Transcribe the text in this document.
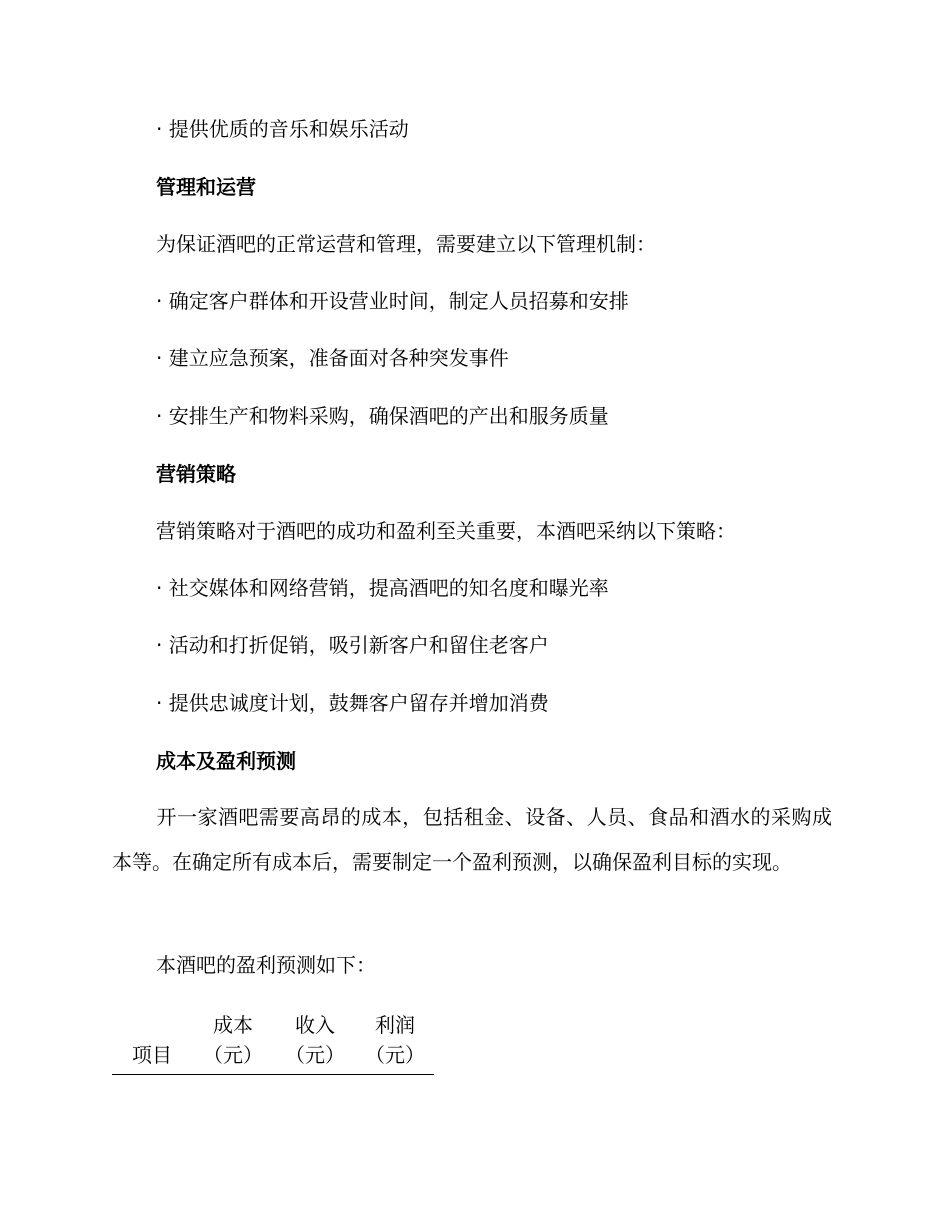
· 提供优质的音乐和娱乐活动
管理和运营
为保证酒吧的正常运营和管理，需要建立以下管理机制：
· 确定客户群体和开设营业时间，制定人员招募和安排
· 建立应急预案，准备面对各种突发事件
· 安排生产和物料采购，确保酒吧的产出和服务质量
营销策略
营销策略对于酒吧的成功和盈利至关重要，本酒吧采纳以下策略：
· 社交媒体和网络营销，提高酒吧的知名度和曝光率
· 活动和打折促销，吸引新客户和留住老客户
· 提供忠诚度计划，鼓舞客户留存并增加消费
成本及盈利预测
开一家酒吧需要高昂的成本，包括租金、设备、人员、食品和酒水的采购成本等。在确定所有成本后，需要制定一个盈利预测，以确保盈利目标的实现。
本酒吧的盈利预测如下：
项目	成本（元）	收入（元）	利润（元）
